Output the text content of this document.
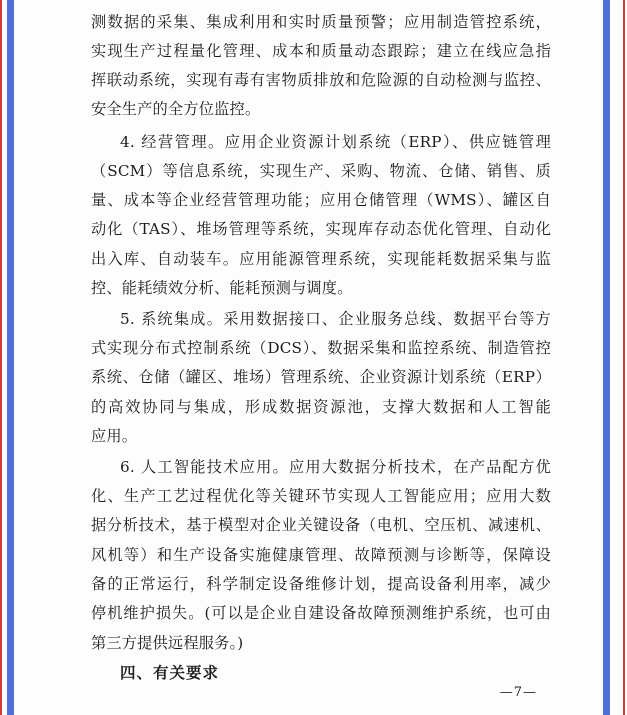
测数据的采集、集成利用和实时质量预警；应用制造管控系统，
实现生产过程量化管理、成本和质量动态跟踪；建立在线应急指
挥联动系统，实现有毒有害物质排放和危险源的自动检测与监控、
安全生产的全方位监控。
4. 经营管理。应用企业资源计划系统（ERP）、供应链管理
（SCM）等信息系统，实现生产、采购、物流、仓储、销售、质
量、成本等企业经营管理功能；应用仓储管理（WMS）、罐区自
动化（TAS）、堆场管理等系统，实现库存动态优化管理、自动化
出入库、自动装车。应用能源管理系统，实现能耗数据采集与监
控、能耗绩效分析、能耗预测与调度。
5. 系统集成。采用数据接口、企业服务总线、数据平台等方
式实现分布式控制系统（DCS）、数据采集和监控系统、制造管控
系统、仓储（罐区、堆场）管理系统、企业资源计划系统（ERP）
的高效协同与集成，形成数据资源池，支撑大数据和人工智能
应用。
6. 人工智能技术应用。应用大数据分析技术，在产品配方优
化、生产工艺过程优化等关键环节实现人工智能应用；应用大数
据分析技术，基于模型对企业关键设备（电机、空压机、减速机、
风机等）和生产设备实施健康管理、故障预测与诊断等，保障设
备的正常运行，科学制定设备维修计划，提高设备利用率，减少
停机维护损失。(可以是企业自建设备故障预测维护系统，也可由
第三方提供远程服务。)
四、有关要求
—7—
